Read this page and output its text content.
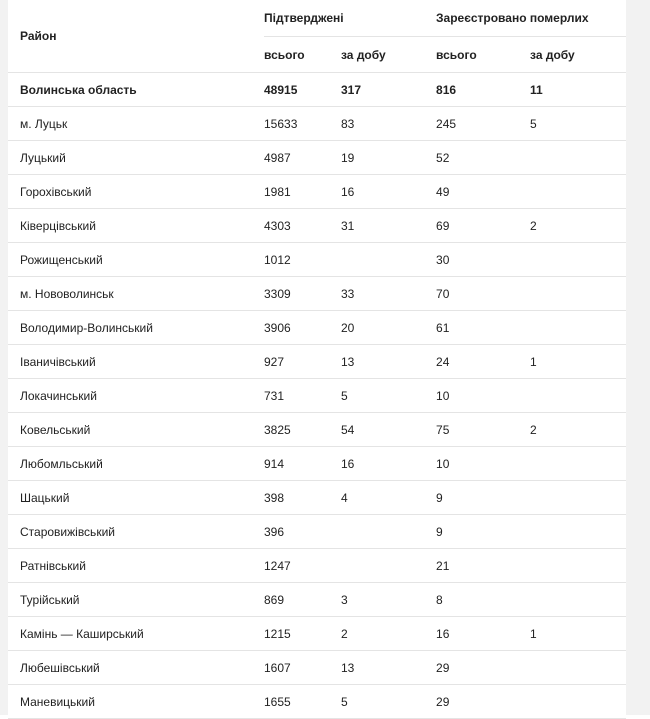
Район	Підтверджені		Зареєстровано померлих	
	всього	за добу	всього	за добу
Волинська область	48915	317	816	11
м. Луцьк	15633	83	245	5
Луцький	4987	19	52	
Горохівський	1981	16	49	
Ківерцівський	4303	31	69	2
Рожищенський	1012		30	
м. Нововолинськ	3309	33	70	
Володимир-Волинський	3906	20	61	
Іваничівський	927	13	24	1
Локачинський	731	5	10	
Ковельський	3825	54	75	2
Любомльський	914	16	10	
Шацький	398	4	9	
Старовижівський	396		9	
Ратнівський	1247		21	
Турійський	869	3	8	
Камінь — Каширський	1215	2	16	1
Любешівський	1607	13	29	
Маневицький	1655	5	29	
